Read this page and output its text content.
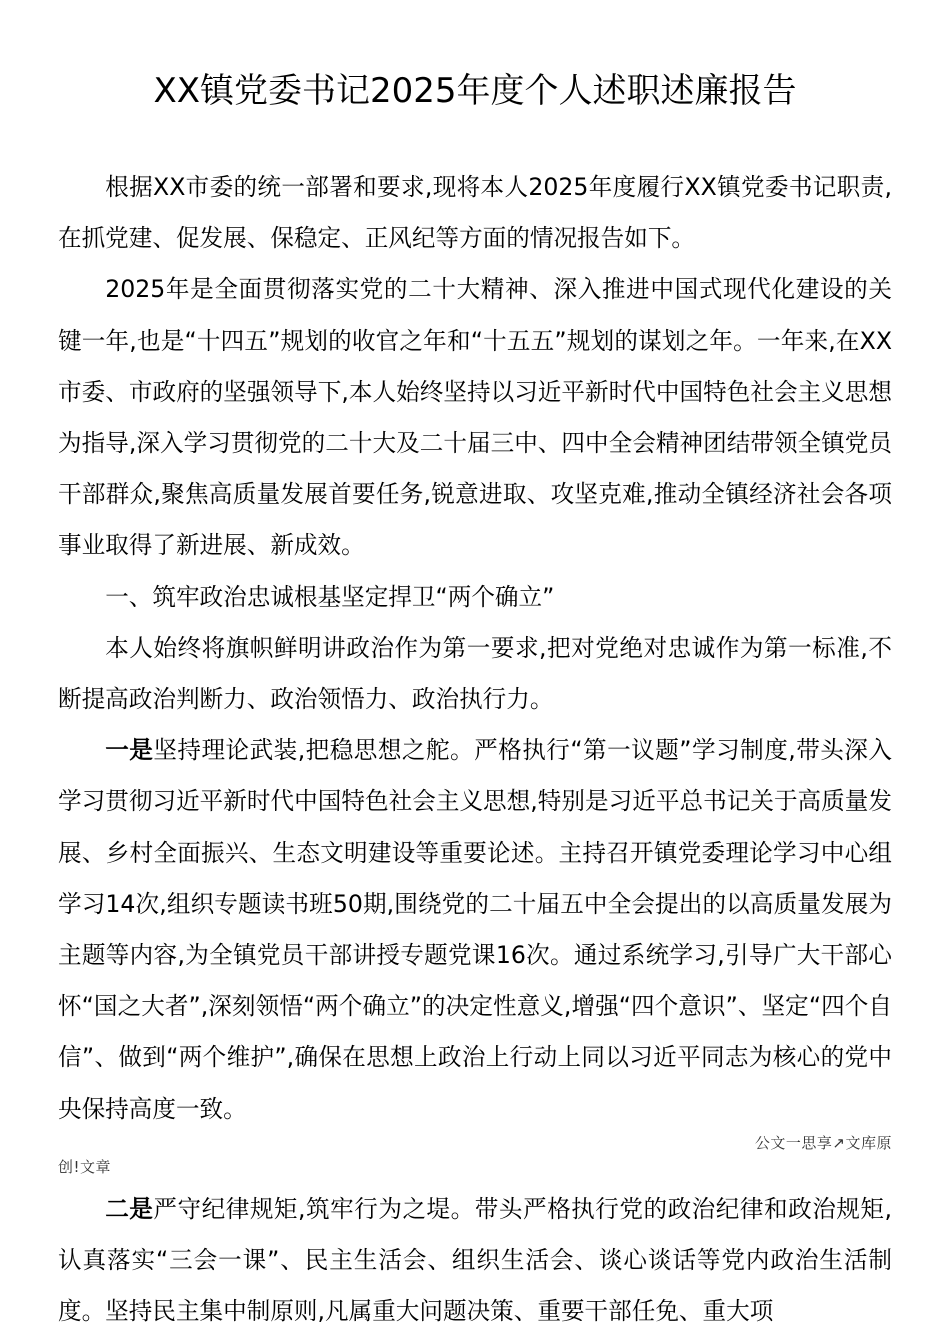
XX镇党委书记2025年度个人述职述廉报告

根据XX市委的统一部署和要求,现将本人2025年度履行XX镇党委书记职责,在抓党建、促发展、保稳定、正风纪等方面的情况报告如下。

2025年是全面贯彻落实党的二十大精神、深入推进中国式现代化建设的关键一年,也是“十四五”规划的收官之年和“十五五”规划的谋划之年。一年来,在XX市委、市政府的坚强领导下,本人始终坚持以习近平新时代中国特色社会主义思想为指导,深入学习贯彻党的二十大及二十届三中、四中全会精神团结带领全镇党员干部群众,聚焦高质量发展首要任务,锐意进取、攻坚克难,推动全镇经济社会各项事业取得了新进展、新成效。

一、筑牢政治忠诚根基坚定捍卫“两个确立”

本人始终将旗帜鲜明讲政治作为第一要求,把对党绝对忠诚作为第一标准,不断提高政治判断力、政治领悟力、政治执行力。

一是坚持理论武装,把稳思想之舵。严格执行“第一议题”学习制度,带头深入学习贯彻习近平新时代中国特色社会主义思想,特别是习近平总书记关于高质量发展、乡村全面振兴、生态文明建设等重要论述。主持召开镇党委理论学习中心组学习14次,组织专题读书班50期,围绕党的二十届五中全会提出的以高质量发展为主题等内容,为全镇党员干部讲授专题党课16次。通过系统学习,引导广大干部心怀“国之大者”,深刻领悟“两个确立”的决定性意义,增强“四个意识”、坚定“四个自信”、做到“两个维护”,确保在思想上政治上行动上同以习近平同志为核心的党中央保持高度一致。

公文一思享↗文库原

创!文章

二是严守纪律规矩,筑牢行为之堤。带头严格执行党的政治纪律和政治规矩,认真落实“三会一课”、民主生活会、组织生活会、谈心谈话等党内政治生活制度。坚持民主集中制原则,凡属重大问题决策、重要干部任免、重大项
